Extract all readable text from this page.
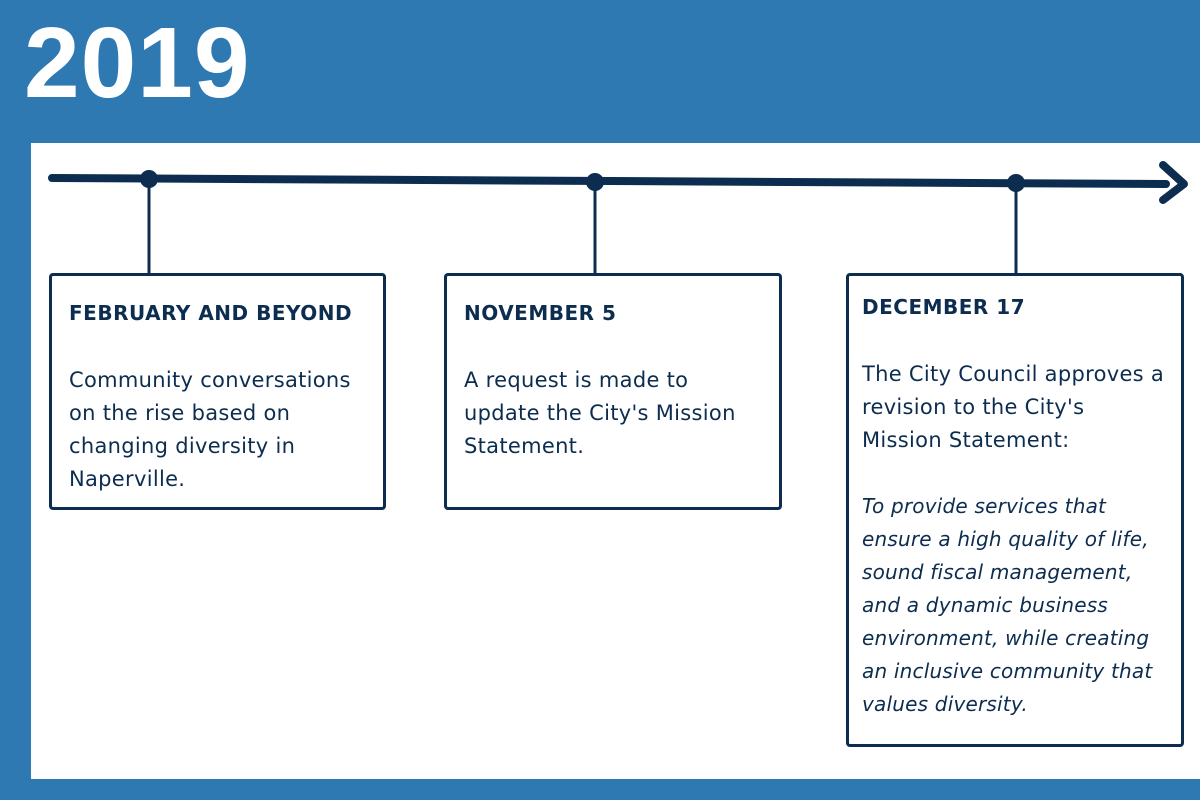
2019

FEBRUARY AND BEYOND

Community conversations on the rise based on changing diversity in Naperville.

NOVEMBER 5

A request is made to update the City's Mission Statement.

DECEMBER 17

The City Council approves a revision to the City's Mission Statement:

To provide services that ensure a high quality of life, sound fiscal management, and a dynamic business environment, while creating an inclusive community that values diversity.
